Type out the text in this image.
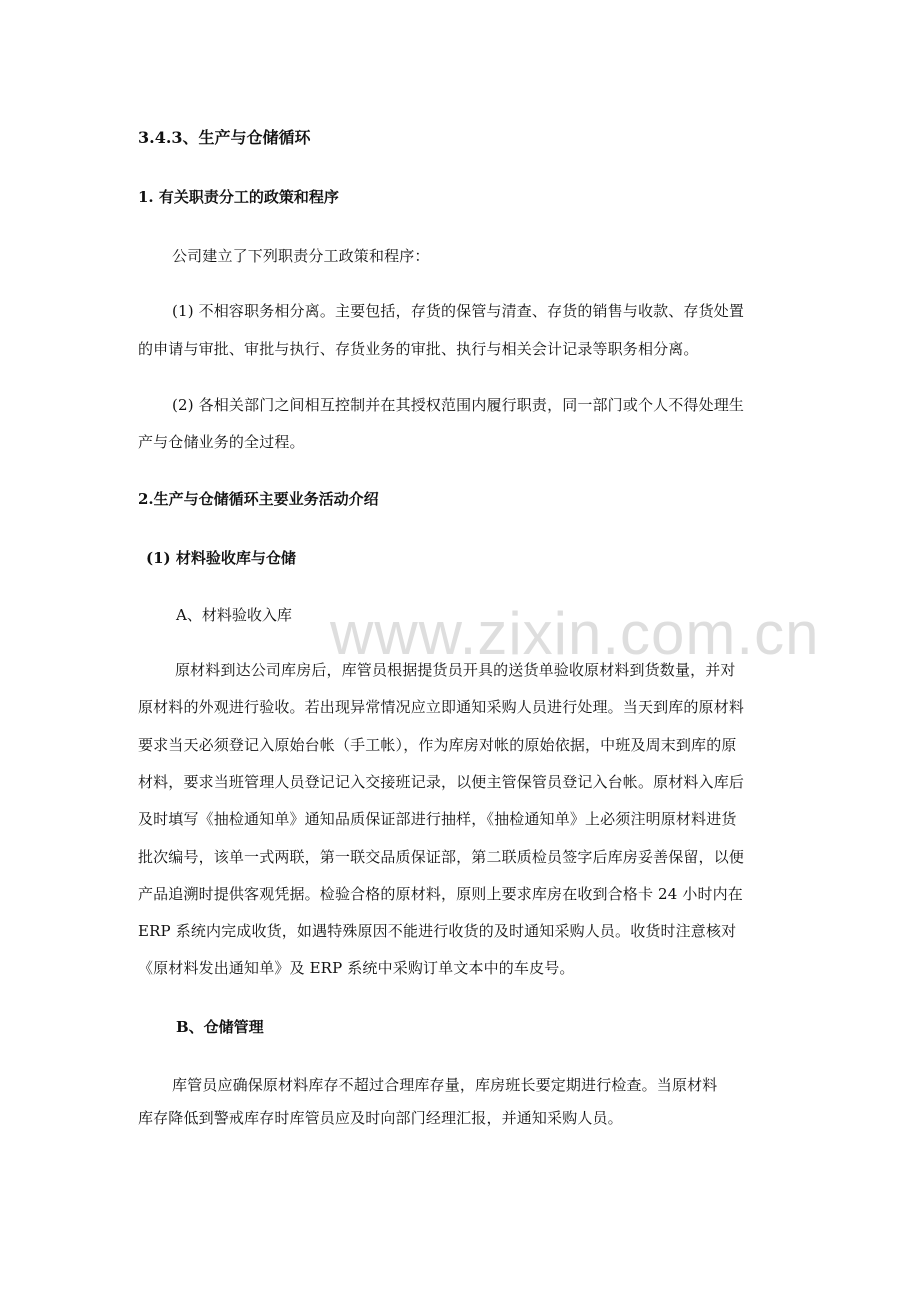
3.4.3、生产与仓储循环
1. 有关职责分工的政策和程序
公司建立了下列职责分工政策和程序：
(1) 不相容职务相分离。主要包括，存货的保管与清查、存货的销售与收款、存货处置
的申请与审批、审批与执行、存货业务的审批、执行与相关会计记录等职务相分离。
(2) 各相关部门之间相互控制并在其授权范围内履行职责，同一部门或个人不得处理生
产与仓储业务的全过程。
2.生产与仓储循环主要业务活动介绍
(1) 材料验收库与仓储
A、材料验收入库 www.zixin.com.cn
原材料到达公司库房后，库管员根据提货员开具的送货单验收原材料到货数量，并对
原材料的外观进行验收。若出现异常情况应立即通知采购人员进行处理。当天到库的原材料
要求当天必须登记入原始台帐（手工帐），作为库房对帐的原始依据，中班及周末到库的原
材料，要求当班管理人员登记记入交接班记录，以便主管保管员登记入台帐。原材料入库后
及时填写《抽检通知单》通知品质保证部进行抽样，《抽检通知单》上必须注明原材料进货
批次编号，该单一式两联，第一联交品质保证部，第二联质检员签字后库房妥善保留，以便
产品追溯时提供客观凭据。检验合格的原材料，原则上要求库房在收到合格卡 24 小时内在
ERP 系统内完成收货，如遇特殊原因不能进行收货的及时通知采购人员。收货时注意核对
《原材料发出通知单》及 ERP 系统中采购订单文本中的车皮号。
B、仓储管理
库管员应确保原材料库存不超过合理库存量，库房班长要定期进行检查。当原材料
库存降低到警戒库存时库管员应及时向部门经理汇报，并通知采购人员。
